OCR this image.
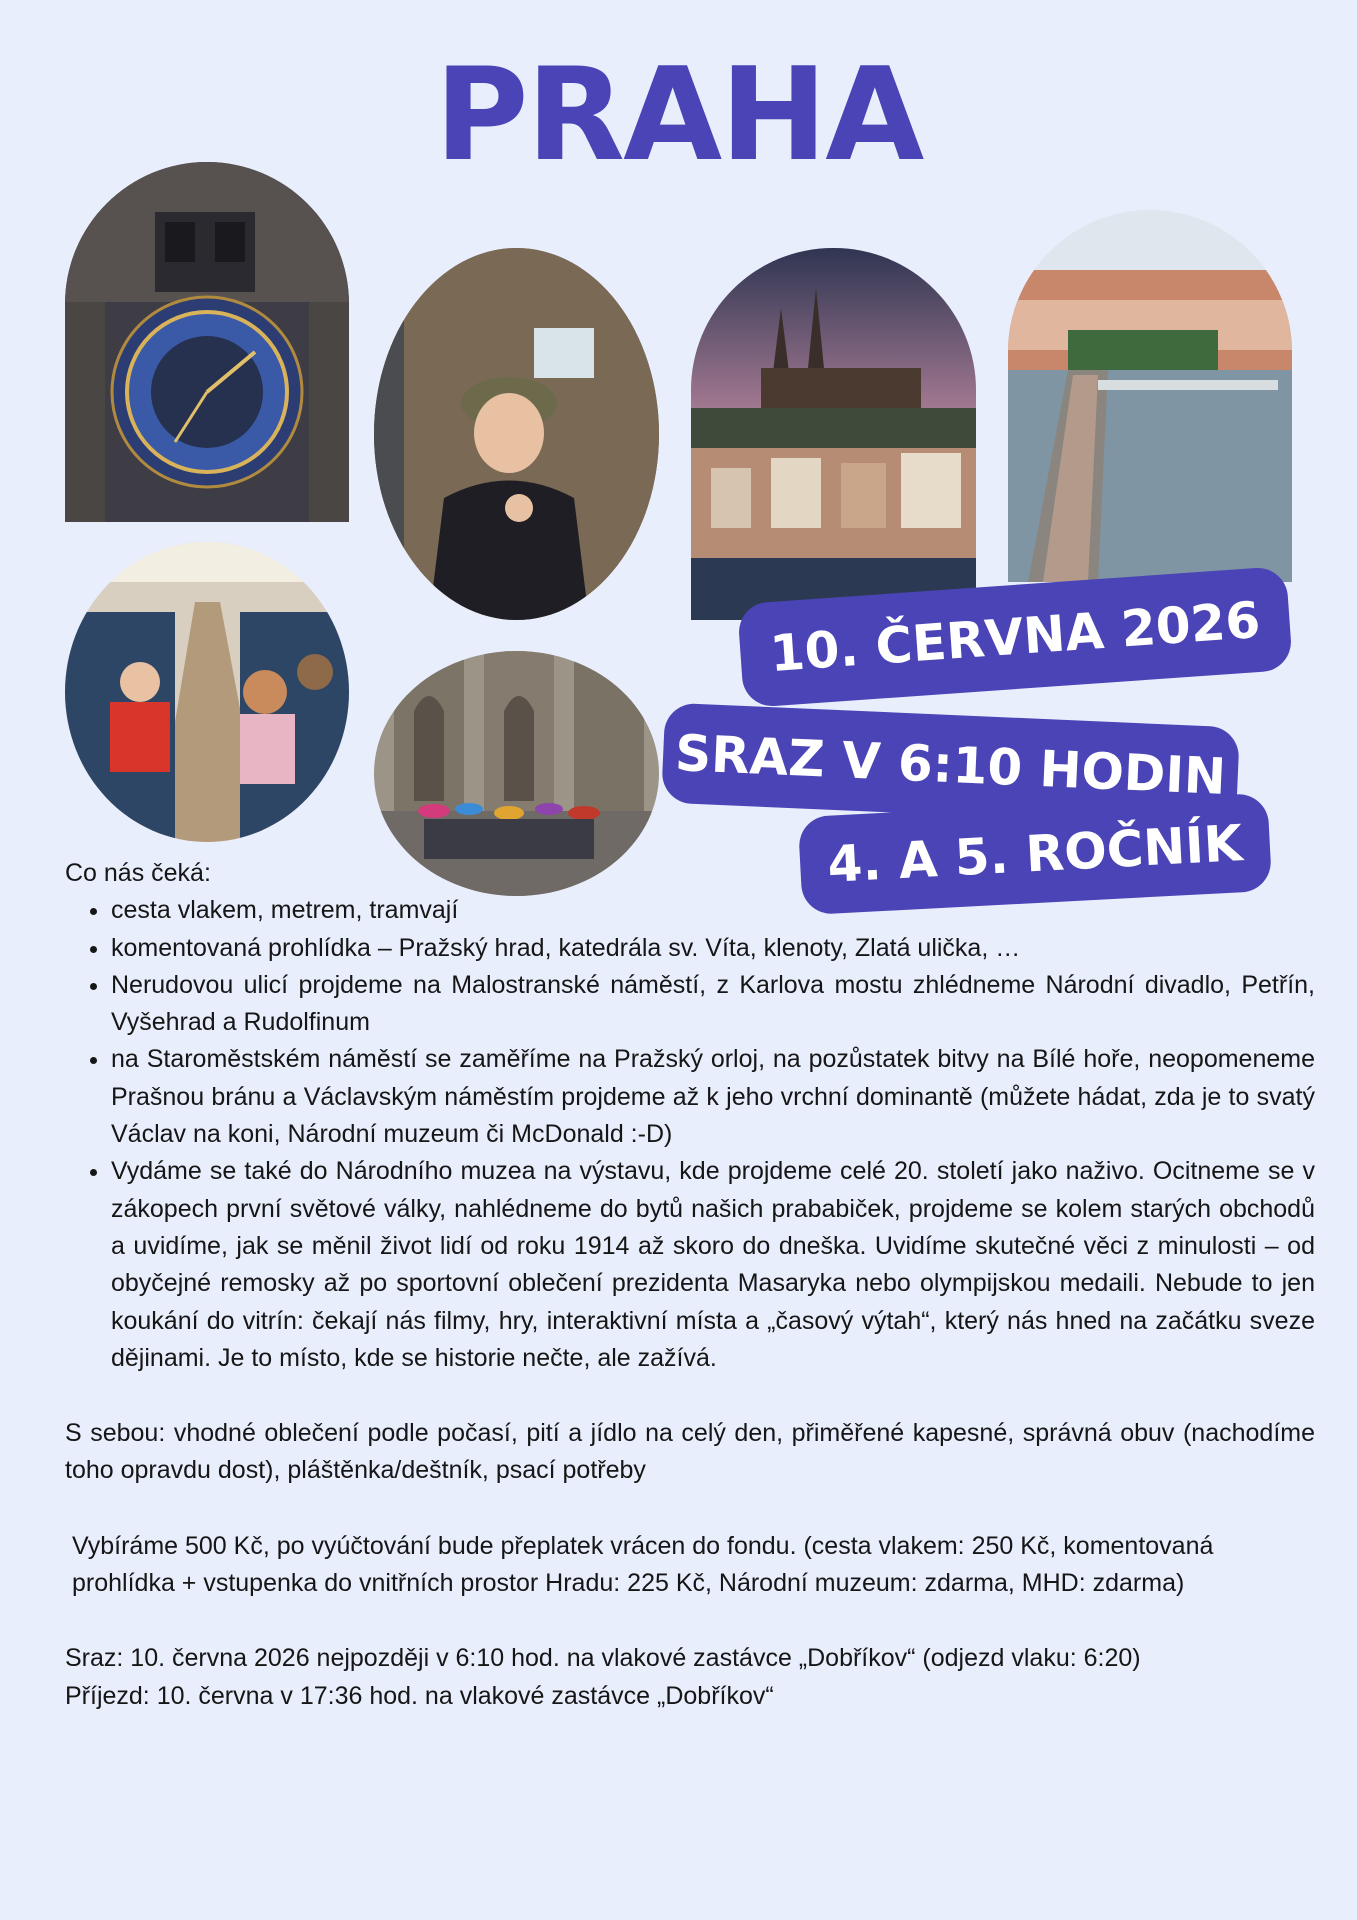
PRAHA
10. ČERVNA 2026
SRAZ V 6:10 HODIN
4. A 5. ROČNÍK

Co nás čeká:

• cesta vlakem, metrem, tramvají
• komentovaná prohlídka – Pražský hrad, katedrála sv. Víta, klenoty, Zlatá ulička, …
• Nerudovou ulicí projdeme na Malostranské náměstí, z Karlova mostu zhlédneme Národní divadlo, Petřín, Vyšehrad a Rudolfinum
• na Staroměstském náměstí se zaměříme na Pražský orloj, na pozůstatek bitvy na Bílé hoře, neopomeneme Prašnou bránu a Václavským náměstím projdeme až k jeho vrchní dominantě (můžete hádat, zda je to svatý Václav na koni, Národní muzeum či McDonald :-D)
• Vydáme se také do Národního muzea na výstavu, kde projdeme celé 20. století jako naživo. Ocitneme se v zákopech první světové války, nahlédneme do bytů našich prababiček, projdeme se kolem starých obchodů a uvidíme, jak se měnil život lidí od roku 1914 až skoro do dneška. Uvidíme skutečné věci z minulosti – od obyčejné remosky až po sportovní oblečení prezidenta Masaryka nebo olympijskou medaili. Nebude to jen koukání do vitrín: čekají nás filmy, hry, interaktivní místa a „časový výtah“, který nás hned na začátku sveze dějinami. Je to místo, kde se historie nečte, ale zažívá.

S sebou: vhodné oblečení podle počasí, pití a jídlo na celý den, přiměřené kapesné, správná obuv (nachodíme toho opravdu dost), pláštěnka/deštník, psací potřeby

Vybíráme 500 Kč, po vyúčtování bude přeplatek vrácen do fondu. (cesta vlakem: 250 Kč, komentovaná prohlídka + vstupenka do vnitřních prostor Hradu: 225 Kč, Národní muzeum: zdarma, MHD: zdarma)

Sraz: 10. června 2026 nejpozději v 6:10 hod. na vlakové zastávce „Dobříkov“ (odjezd vlaku: 6:20)

Příjezd: 10. června v 17:36 hod. na vlakové zastávce „Dobříkov“
